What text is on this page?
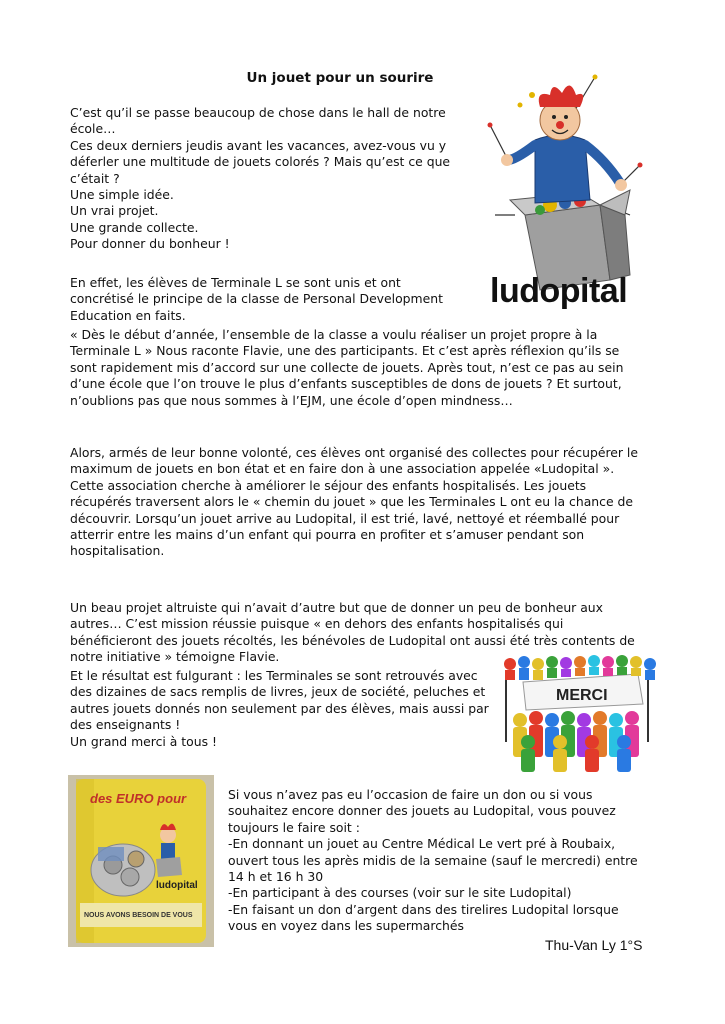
Un jouet pour un sourire
C’est qu’il se passe beaucoup de chose dans le hall de notre
école…
Ces deux derniers jeudis avant les vacances, avez-vous vu y
déferler une multitude de jouets colorés ? Mais qu’est ce que
c’était ?
Une simple idée.
Un vrai projet.
Une grande collecte.
Pour donner du bonheur !
En effet, les élèves de Terminale L se sont unis et ont
concrétisé le principe de la classe de Personal Development
Education en faits.
« Dès le début d’année, l’ensemble de la classe a voulu réaliser un projet propre à la
Terminale L » Nous raconte Flavie, une des participants. Et c’est après réflexion qu’ils se
sont rapidement mis d’accord sur une collecte de jouets. Après tout, n’est ce pas au sein
d’une école que l’on trouve le plus d’enfants susceptibles de dons de jouets ? Et surtout,
n’oublions pas que nous sommes à l’EJM, une école d’open mindness…
Alors, armés de leur bonne volonté, ces élèves ont organisé des collectes pour récupérer le
maximum de jouets en bon état et en faire don à une association appelée «Ludopital ».
Cette association cherche à améliorer le séjour des enfants hospitalisés. Les jouets
récupérés traversent alors le « chemin du jouet » que les Terminales L ont eu la chance de
découvrir. Lorsqu’un jouet arrive au Ludopital, il est trié, lavé, nettoyé et réemballé pour
atterrir entre les mains d’un enfant qui pourra en profiter et s’amuser pendant son
hospitalisation.
Un beau projet altruiste qui n’avait d’autre but que de donner un peu de bonheur aux
autres… C’est mission réussie puisque « en dehors des enfants hospitalisés qui
bénéficieront des jouets récoltés, les bénévoles de Ludopital ont aussi été très contents de
notre initiative » témoigne Flavie.
Et le résultat est fulgurant : les Terminales se sont retrouvés avec
des dizaines de sacs remplis de livres, jeux de société, peluches et
autres jouets donnés non seulement par des élèves, mais aussi par
des enseignants !
Un grand merci à tous !
Si vous n’avez pas eu l’occasion de faire un don ou si vous
souhaitez encore donner des jouets au Ludopital, vous pouvez
toujours le faire soit :
-En donnant un jouet au Centre Médical Le vert pré à Roubaix,
ouvert tous les après midis de la semaine (sauf le mercredi) entre
14 h et 16 h 30
-En participant à des courses (voir sur le site Ludopital)
-En faisant un don d’argent dans des tirelires Ludopital lorsque
vous en voyez dans les supermarchés
Thu-Van Ly 1°S
ludopital
MERCI
des EURO pour
ludopital
NOUS AVONS BESOIN DE VOUS
